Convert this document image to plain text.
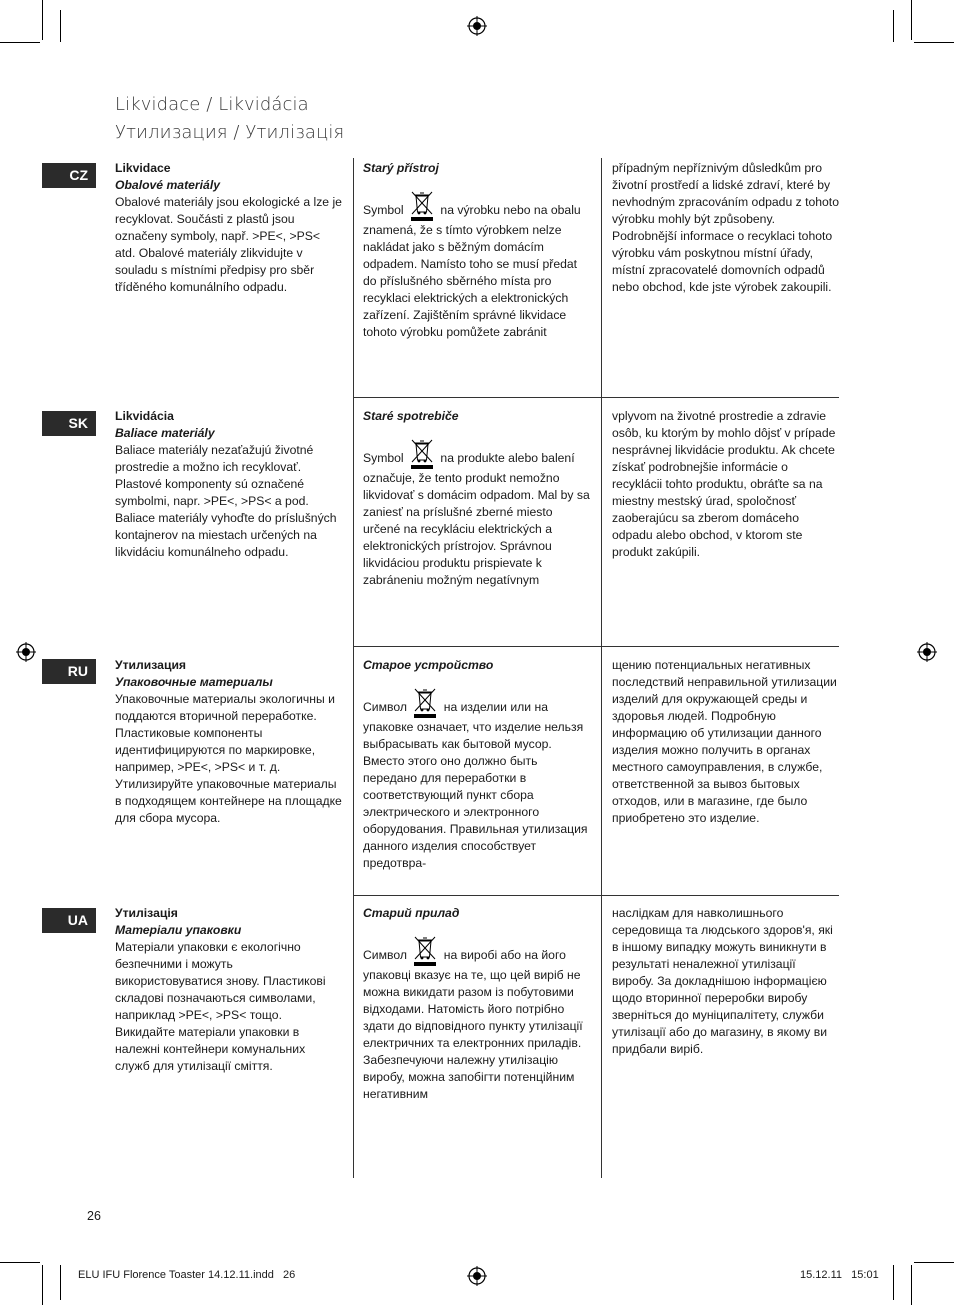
Likvidace / Likvidácia
Утилизация / Утилізація
CZ	Likvidace
Obalové materiály
Obalové materiály jsou ekologické a lze je recyklovat. Součásti z plastů jsou označeny symboly, např. >PE<, >PS< atd. Obalové materiály zlikvidujte v souladu s místními předpisy pro sběr tříděného komunálního odpadu.
Starý přístroj
Symbol	na výrobku nebo na obalu znamená, že s tímto výrobkem nelze nakládat jako s běžným domácím odpadem. Namísto toho se musí předat do příslušného sběrného místa pro recyklaci elektrických a elektronických zařízení. Zajištěním správné likvidace tohoto výrobku pomůžete zabránit
případným nepříznivým důsledkům pro životní prostředí a lidské zdraví, které by nevhodným zpracováním odpadu z tohoto výrobku mohly být způsobeny. Podrobnější informace o recyklaci tohoto výrobku vám poskytnou místní úřady, místní zpracovatelé domovních odpadů nebo obchod, kde jste výrobek zakoupili.
SK	Likvidácia
Baliace materiály
Baliace materiály nezaťažujú životné prostredie a možno ich recyklovať. Plastové komponenty sú označené symbolmi, napr. >PE<, >PS< a pod. Baliace materiály vyhoďte do príslušných kontajnerov na miestach určených na likvidáciu komunálneho odpadu.
Staré spotrebiče
Symbol	na produkte alebo balení označuje, že tento produkt nemožno likvidovať s domácim odpadom. Mal by sa zaniesť na príslušné zberné miesto určené na recykláciu elektrických a elektronických prístrojov. Správnou likvidáciou produktu prispievate k zabráneniu možným negatívnym
vplyvom na životné prostredie a zdravie osôb, ku ktorým by mohlo dôjsť v prípade nesprávnej likvidácie produktu. Ak chcete získať podrobnejšie informácie o recyklácii tohto produktu, obráťte sa na miestny mestský úrad, spoločnosť zaoberajúcu sa zberom domáceho odpadu alebo obchod, v ktorom ste produkt zakúpili.
RU	Утилизация
Упаковочные материалы
Упаковочные материалы экологичны и поддаются вторичной переработке. Пластиковые компоненты идентифицируются по маркировке, например, >PE<, >PS< и т. д. Утилизируйте упаковочные материалы в подходящем контейнере на площадке для сбора мусора.
Старое устройство
Символ	на изделии или на упаковке означает, что изделие нельзя выбрасывать как бытовой мусор. Вместо этого оно должно быть передано для переработки в соответствующий пункт сбора электрического и электронного оборудования. Правильная утилизация данного изделия способствует предотвра-
щению потенциальных негативных последствий неправильной утилизации изделий для окружающей среды и здоровья людей. Подробную информацию об утилизации данного изделия можно получить в органах местного самоуправления, в службе, ответственной за вывоз бытовых отходов, или в магазине, где было приобретено это изделие.
UA	Утилізація
Матеріали упаковки
Матеріали упаковки є екологічно безпечними і можуть використовуватися знову. Пластикові складові позначаються символами, наприклад >PE<, >PS< тощо. Викидайте матеріали упаковки в належні контейнери комунальних служб для утилізації сміття.
Старий прилад
Символ	на виробі або на його упаковці вказує на те, що цей виріб не можна викидати разом із побутовими відходами. Натомість його потрібно здати до відповідного пункту утилізації електричних та електронних приладів. Забезпечуючи належну утилізацію виробу, можна запобігти потенційним негативним
наслідкам для навколишнього середовища та людського здоров'я, які в іншому випадку можуть виникнути в результаті неналежної утилізації виробу. За докладнішою інформацією щодо вторинної переробки виробу зверніться до муніципалітету, служби утилізації або до магазину, в якому ви придбали виріб.
26
ELU IFU Florence Toaster 14.12.11.indd   26	15.12.11   15:01
